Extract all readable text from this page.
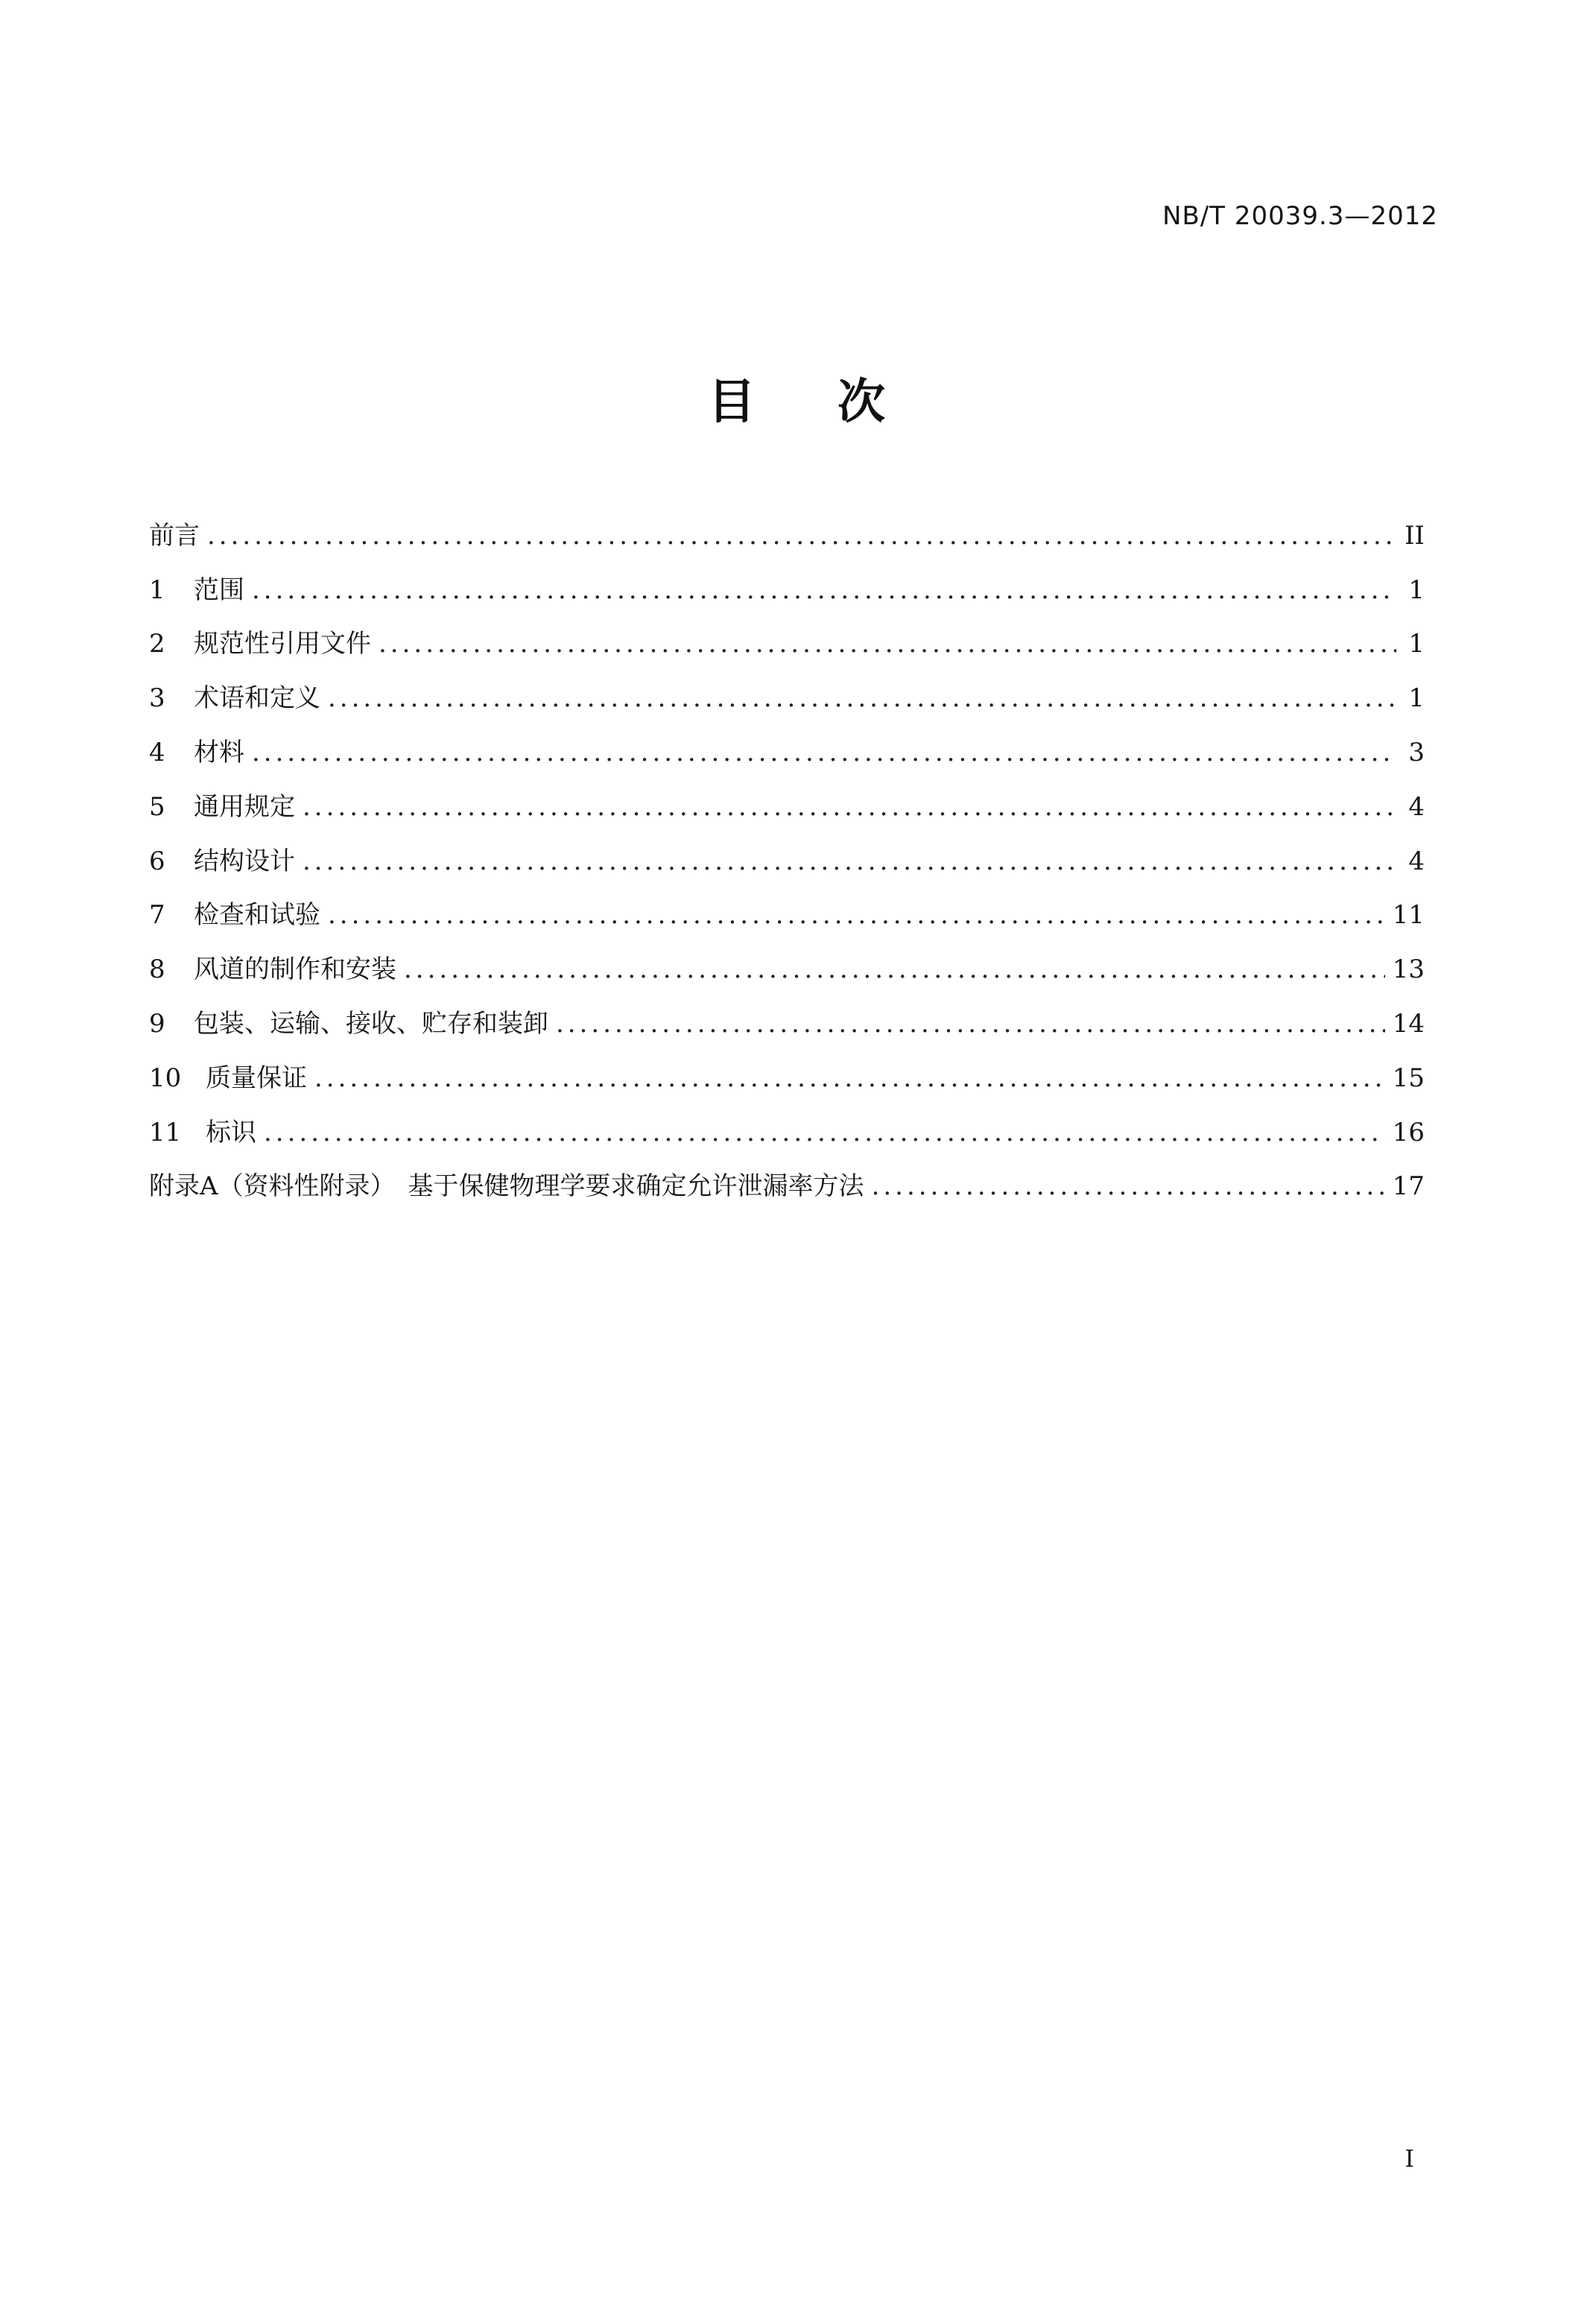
NB/T 20039.3—2012
目次
前言 .....	II
1	范围 .....	1
2	规范性引用文件 .....	1
3	术语和定义 .....	1
4	材料 .....	3
5	通用规定 .....	4
6	结构设计 .....	4
7	检查和试验 .....	11
8	风道的制作和安装 .....	13
9	包装、运输、接收、贮存和装卸 .....	14
10 质量保证 .....	15
11 标识 .....	16
附录A（资料性附录）　基于保健物理学要求确定允许泄漏率方法 .....	17
I
